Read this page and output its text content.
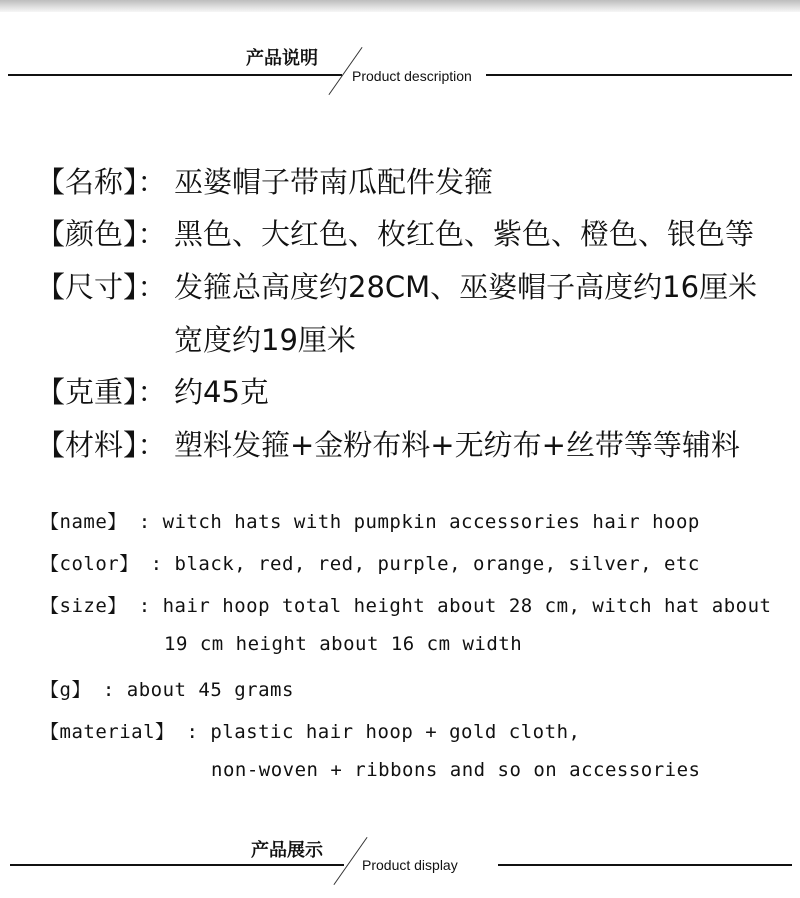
产品说明
Product description
【名称】： 巫婆帽子带南瓜配件发箍
【颜色】： 黑色、大红色、枚红色、紫色、橙色、银色等
【尺寸】： 发箍总高度约28CM、巫婆帽子高度约16厘米
宽度约19厘米
【克重】： 约45克
【材料】： 塑料发箍+金粉布料+无纺布+丝带等等辅料
【name】 : witch hats with pumpkin accessories hair hoop
【color】 : black, red, red, purple, orange, silver, etc
【size】 : hair hoop total height about 28 cm, witch hat about
19 cm height about 16 cm width
【g】 : about 45 grams
【material】 : plastic hair hoop + gold cloth,
non-woven + ribbons and so on accessories
产品展示
Product display
